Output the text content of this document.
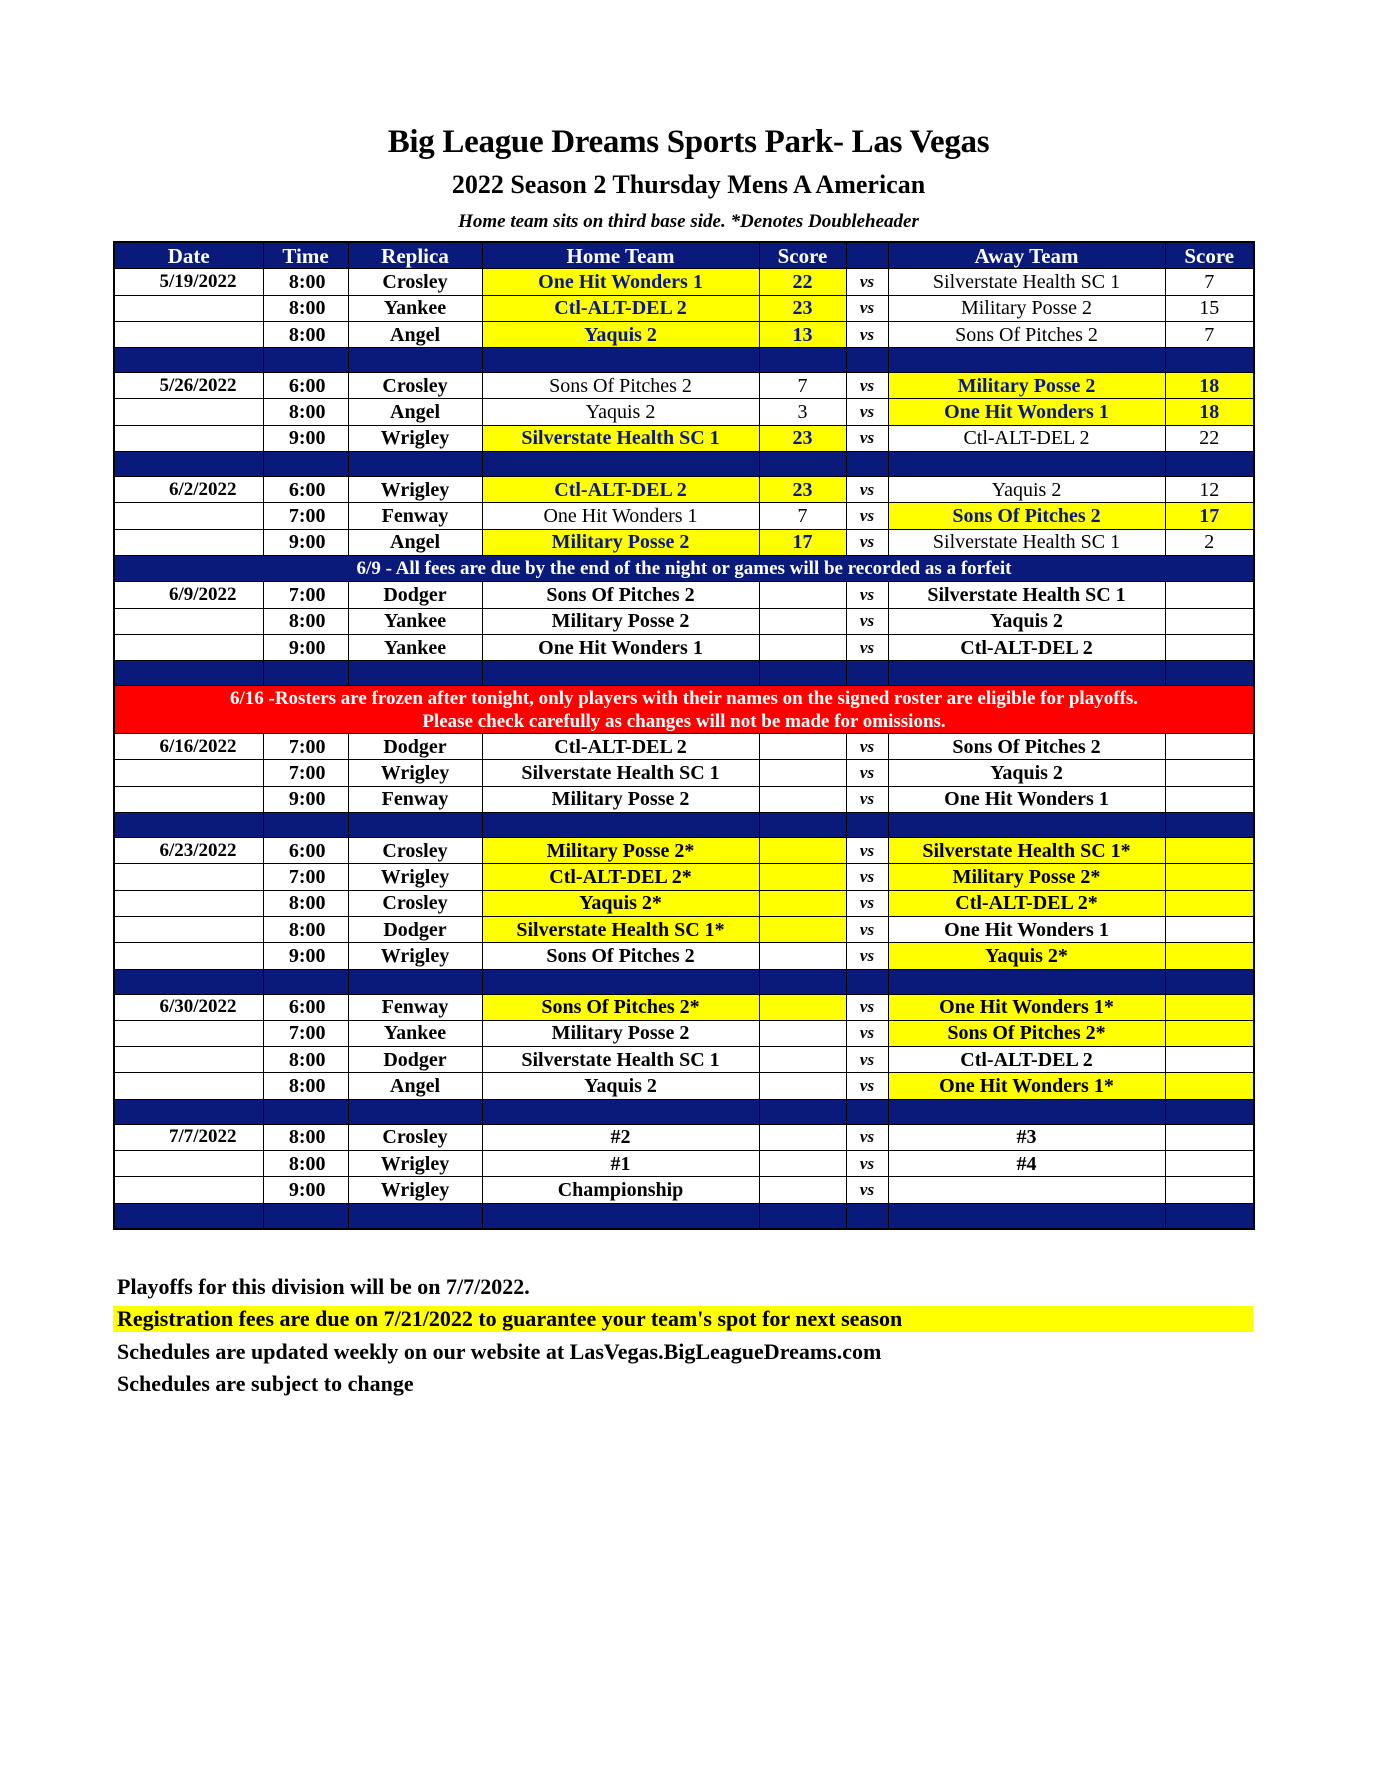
Big League Dreams Sports Park- Las Vegas
2022 Season 2 Thursday Mens A American
Home team sits on third base side. *Denotes Doubleheader
Date	Time	Replica	Home Team	Score		Away Team	Score
5/19/2022	8:00	Crosley	One Hit Wonders 1	22	vs	Silverstate Health SC 1	7
	8:00	Yankee	Ctl-ALT-DEL 2	23	vs	Military Posse 2	15
	8:00	Angel	Yaquis 2	13	vs	Sons Of Pitches 2	7

5/26/2022	6:00	Crosley	Sons Of Pitches 2	7	vs	Military Posse 2	18
	8:00	Angel	Yaquis 2	3	vs	One Hit Wonders 1	18
	9:00	Wrigley	Silverstate Health SC 1	23	vs	Ctl-ALT-DEL 2	22

6/2/2022	6:00	Wrigley	Ctl-ALT-DEL 2	23	vs	Yaquis 2	12
	7:00	Fenway	One Hit Wonders 1	7	vs	Sons Of Pitches 2	17
	9:00	Angel	Military Posse 2	17	vs	Silverstate Health SC 1	2
6/9 - All fees are due by the end of the night or games will be recorded as a forfeit							
6/9/2022	7:00	Dodger	Sons Of Pitches 2		vs	Silverstate Health SC 1	
	8:00	Yankee	Military Posse 2		vs	Yaquis 2	
	9:00	Yankee	One Hit Wonders 1		vs	Ctl-ALT-DEL 2	

6/16 -Rosters are frozen after tonight, only players with their names on the signed roster are eligible for playoffs.
Please check carefully as changes will not be made for omissions.							

6/16/2022	7:00	Dodger	Ctl-ALT-DEL 2		vs	Sons Of Pitches 2	
	7:00	Wrigley	Silverstate Health SC 1		vs	Yaquis 2	
	9:00	Fenway	Military Posse 2		vs	One Hit Wonders 1	

6/23/2022	6:00	Crosley	Military Posse 2*		vs	Silverstate Health SC 1*	
	7:00	Wrigley	Ctl-ALT-DEL 2*		vs	Military Posse 2*	
	8:00	Crosley	Yaquis 2*		vs	Ctl-ALT-DEL 2*	
	8:00	Dodger	Silverstate Health SC 1*		vs	One Hit Wonders 1	
	9:00	Wrigley	Sons Of Pitches 2		vs	Yaquis 2*	

6/30/2022	6:00	Fenway	Sons Of Pitches 2*		vs	One Hit Wonders 1*	
	7:00	Yankee	Military Posse 2		vs	Sons Of Pitches 2*	
	8:00	Dodger	Silverstate Health SC 1		vs	Ctl-ALT-DEL 2	
	8:00	Angel	Yaquis 2		vs	One Hit Wonders 1*	

7/7/2022	8:00	Crosley	#2		vs	#3	
	8:00	Wrigley	#1		vs	#4	
	9:00	Wrigley	Championship		vs		

Playoffs for this division will be on 7/7/2022.
Registration fees are due on 7/21/2022 to guarantee your team's spot for next season
Schedules are updated weekly on our website at LasVegas.BigLeagueDreams.com
Schedules are subject to change
